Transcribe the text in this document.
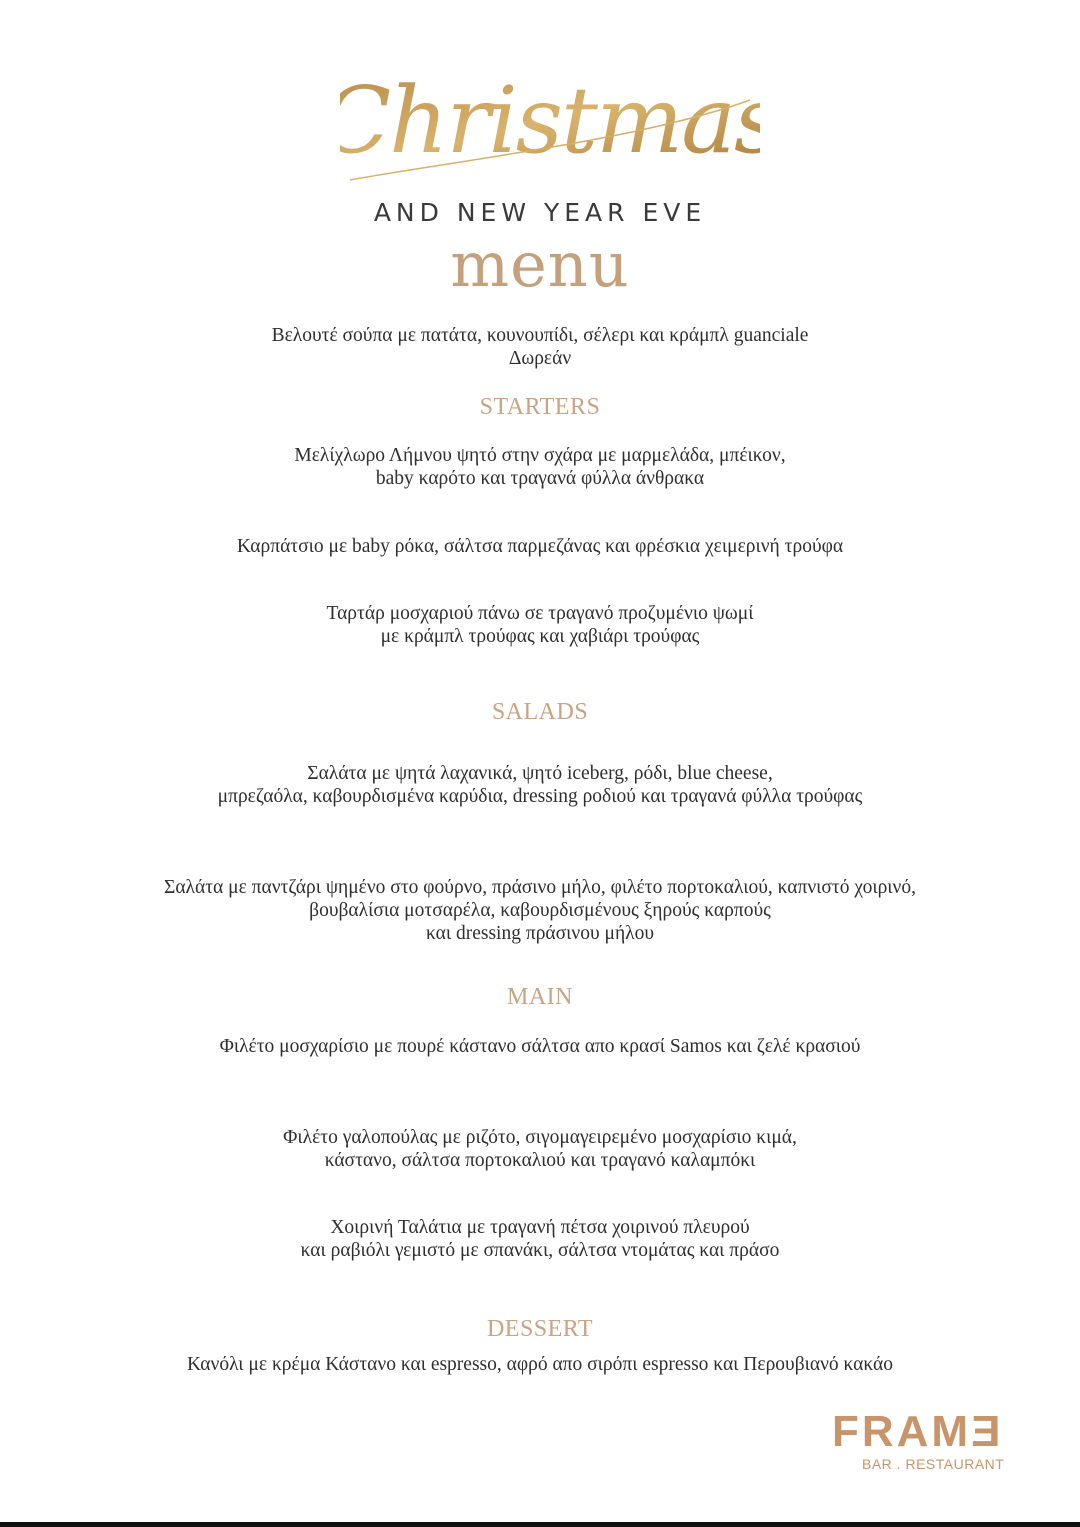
Christmas
AND NEW YEAR EVE
menu
Βελουτέ σούπα με πατάτα, κουνουπίδι, σέλερι και κράμπλ guanciale
Δωρεάν
STARTERS
Μελίχλωρο Λήμνου ψητό στην σχάρα με μαρμελάδα, μπέικον,
baby καρότο και τραγανά φύλλα άνθρακα
Καρπάτσιο με baby ρόκα, σάλτσα παρμεζάνας και φρέσκια χειμερινή τρούφα
Ταρτάρ μοσχαριού πάνω σε τραγανό προζυμένιο ψωμί
με κράμπλ τρούφας και χαβιάρι τρούφας
SALADS
Σαλάτα με ψητά λαχανικά, ψητό iceberg, ρόδι, blue cheese,
μπρεζαόλα, καβουρδισμένα καρύδια, dressing ροδιού και τραγανά φύλλα τρούφας
Σαλάτα με παντζάρι ψημένο στο φούρνο, πράσινο μήλο, φιλέτο πορτοκαλιού, καπνιστό χοιρινό,
βουβαλίσια μοτσαρέλα, καβουρδισμένους ξηρούς καρπούς
και dressing πράσινου μήλου
MAIN
Φιλέτο μοσχαρίσιο με πουρέ κάστανο σάλτσα απο κρασί Samos και ζελέ κρασιού
Φιλέτο γαλοπούλας με ριζότο, σιγομαγειρεμένο μοσχαρίσιο κιμά,
κάστανο, σάλτσα πορτοκαλιού και τραγανό καλαμπόκι
Χοιρινή Ταλάτια με τραγανή πέτσα χοιρινού πλευρού
και ραβιόλι γεμιστό με σπανάκι, σάλτσα ντομάτας και πράσο
DESSERT
Κανόλι με κρέμα Κάστανο και espresso, αφρό απο σιρόπι espresso και Περουβιανό κακάο
FRAMƎ
BAR . RESTAURANT
